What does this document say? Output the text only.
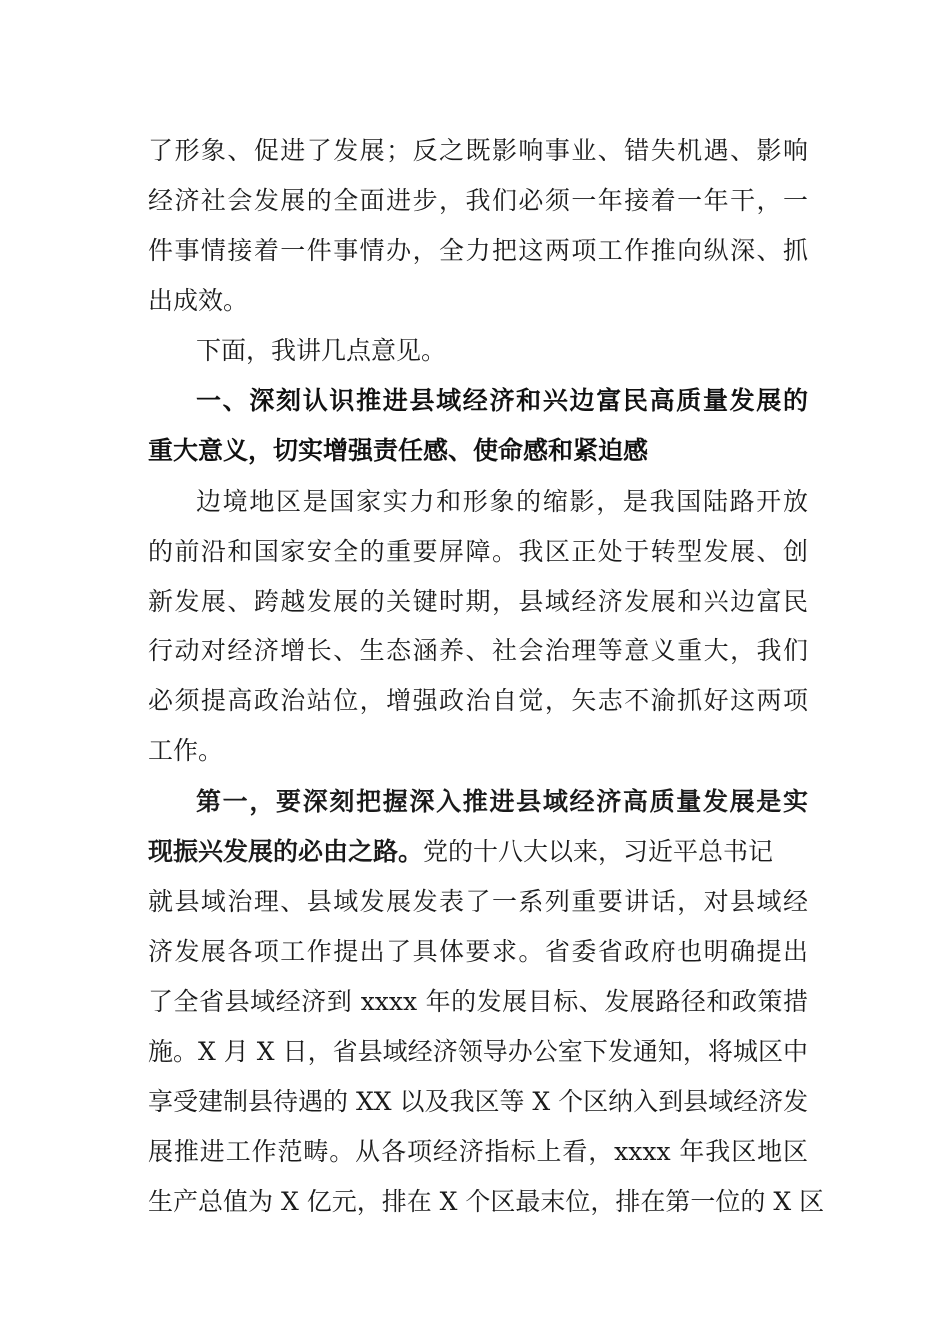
了形象、促进了发展；反之既影响事业、错失机遇、影响
经济社会发展的全面进步，我们必须一年接着一年干，一
件事情接着一件事情办，全力把这两项工作推向纵深、抓
出成效。
下面，我讲几点意见。
一、深刻认识推进县域经济和兴边富民高质量发展的
重大意义，切实增强责任感、使命感和紧迫感
边境地区是国家实力和形象的缩影，是我国陆路开放
的前沿和国家安全的重要屏障。我区正处于转型发展、创
新发展、跨越发展的关键时期，县域经济发展和兴边富民
行动对经济增长、生态涵养、社会治理等意义重大，我们
必须提高政治站位，增强政治自觉，矢志不渝抓好这两项
工作。
第一，要深刻把握深入推进县域经济高质量发展是实
现振兴发展的必由之路。党的十八大以来，习近平总书记
就县域治理、县域发展发表了一系列重要讲话，对县域经
济发展各项工作提出了具体要求。省委省政府也明确提出
了全省县域经济到 xxxx 年的发展目标、发展路径和政策措
施。X 月 X 日，省县域经济领导办公室下发通知，将城区中
享受建制县待遇的 XX 以及我区等 X 个区纳入到县域经济发
展推进工作范畴。从各项经济指标上看，xxxx 年我区地区
生产总值为 X 亿元，排在 X 个区最末位，排在第一位的 X 区
